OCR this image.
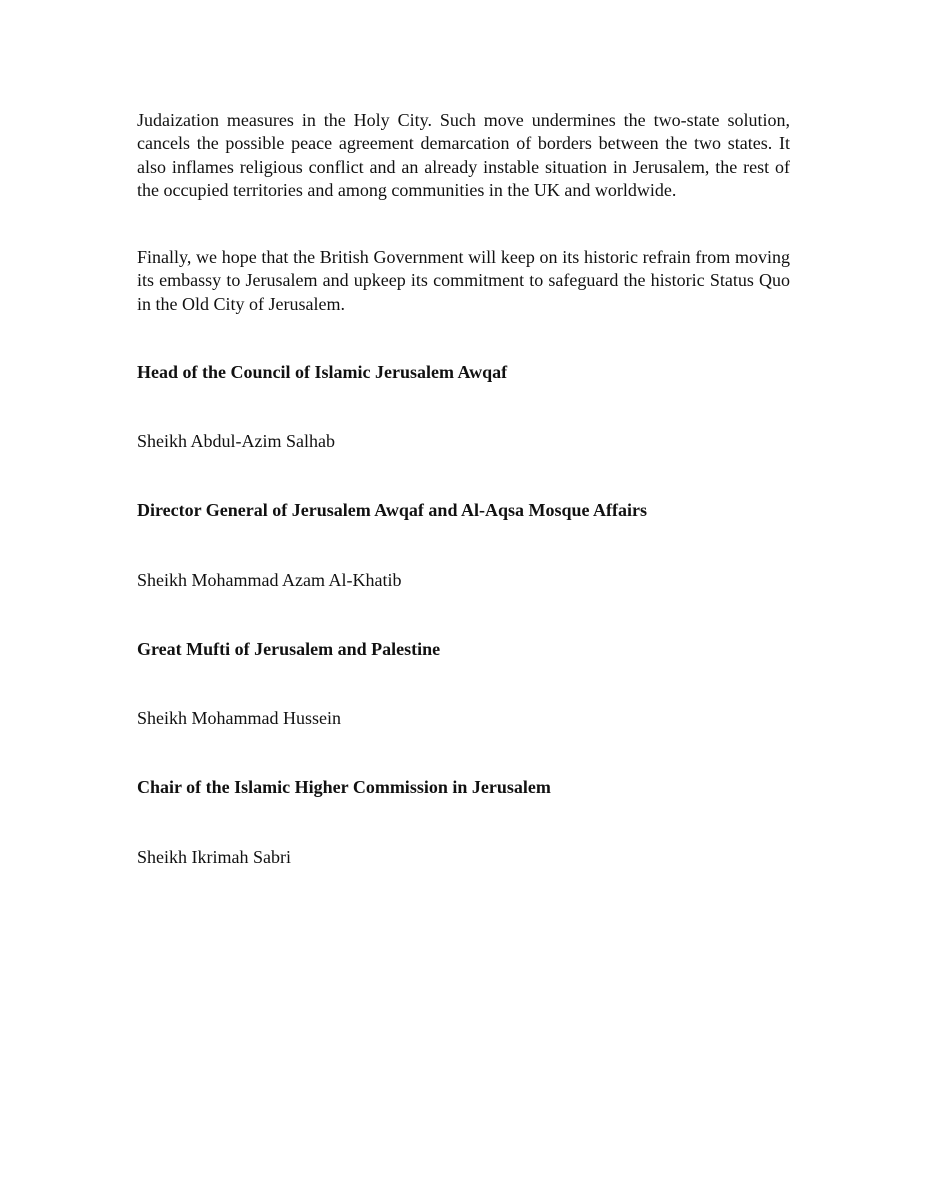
Judaization measures in the Holy City. Such move undermines the two-state solution, cancels the possible peace agreement demarcation of borders between the two states. It also inflames religious conflict and an already instable situation in Jerusalem, the rest of the occupied territories and among communities in the UK and worldwide.

Finally, we hope that the British Government will keep on its historic refrain from moving its embassy to Jerusalem and upkeep its commitment to safeguard the historic Status Quo in the Old City of Jerusalem.

Head of the Council of Islamic Jerusalem Awqaf

Sheikh Abdul-Azim Salhab

Director General of Jerusalem Awqaf and Al-Aqsa Mosque Affairs

Sheikh Mohammad Azam Al-Khatib

Great Mufti of Jerusalem and Palestine

Sheikh Mohammad Hussein

Chair of the Islamic Higher Commission in Jerusalem

Sheikh Ikrimah Sabri
